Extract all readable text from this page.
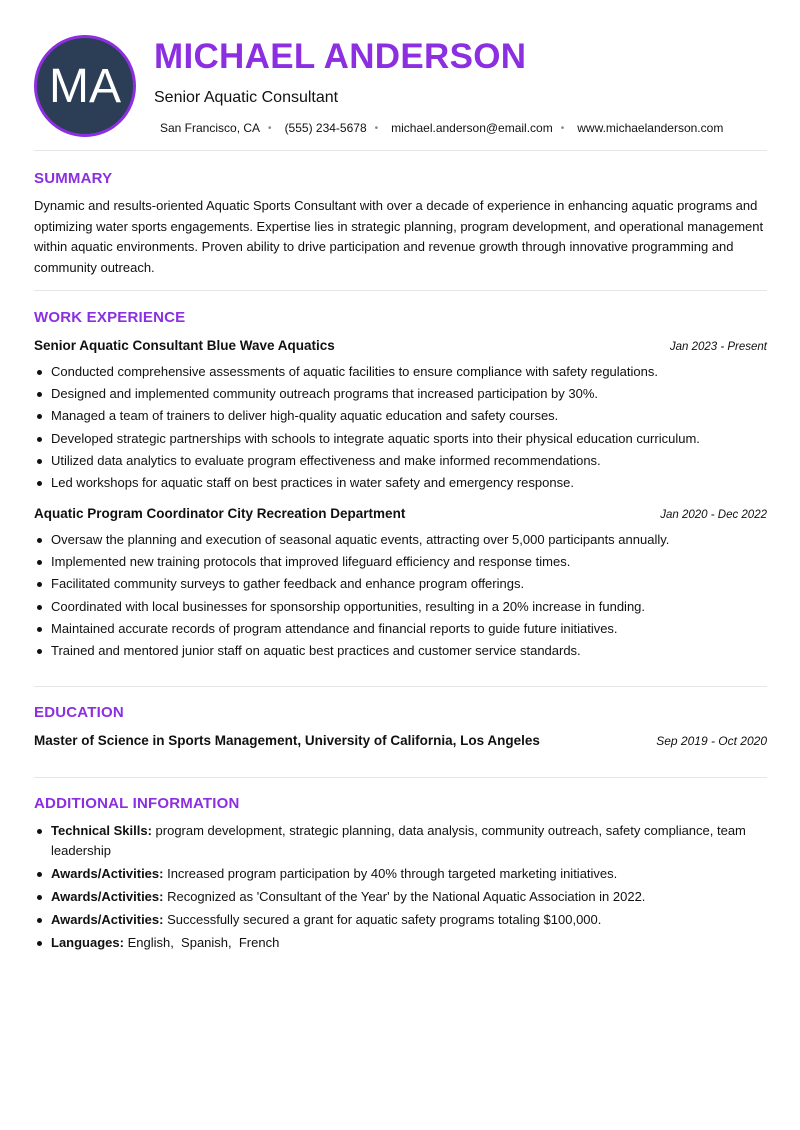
MA
MICHAEL ANDERSON
Senior Aquatic Consultant
San Francisco, CA • (555) 234-5678 • michael.anderson@email.com • www.michaelanderson.com
SUMMARY

Dynamic and results-oriented Aquatic Sports Consultant with over a decade of experience in enhancing aquatic programs and optimizing water sports engagements. Expertise lies in strategic planning, program development, and operational management within aquatic environments. Proven ability to drive participation and revenue growth through innovative programming and community outreach.

WORK EXPERIENCE
Senior Aquatic Consultant Blue Wave Aquatics	Jan 2023 - Present
Conducted comprehensive assessments of aquatic facilities to ensure compliance with safety regulations.
Designed and implemented community outreach programs that increased participation by 30%.
Managed a team of trainers to deliver high-quality aquatic education and safety courses.
Developed strategic partnerships with schools to integrate aquatic sports into their physical education curriculum.
Utilized data analytics to evaluate program effectiveness and make informed recommendations.
Led workshops for aquatic staff on best practices in water safety and emergency response.
Aquatic Program Coordinator City Recreation Department	Jan 2020 - Dec 2022
Oversaw the planning and execution of seasonal aquatic events, attracting over 5,000 participants annually.
Implemented new training protocols that improved lifeguard efficiency and response times.
Facilitated community surveys to gather feedback and enhance program offerings.
Coordinated with local businesses for sponsorship opportunities, resulting in a 20% increase in funding.
Maintained accurate records of program attendance and financial reports to guide future initiatives.
Trained and mentored junior staff on aquatic best practices and customer service standards.
EDUCATION
Master of Science in Sports Management, University of California, Los Angeles	Sep 2019 - Oct 2020
ADDITIONAL INFORMATION
Technical Skills: program development, strategic planning, data analysis, community outreach, safety compliance, team leadership
Awards/Activities: Increased program participation by 40% through targeted marketing initiatives.
Awards/Activities: Recognized as 'Consultant of the Year' by the National Aquatic Association in 2022.
Awards/Activities: Successfully secured a grant for aquatic safety programs totaling $100,000.
Languages: English,  Spanish,  French
